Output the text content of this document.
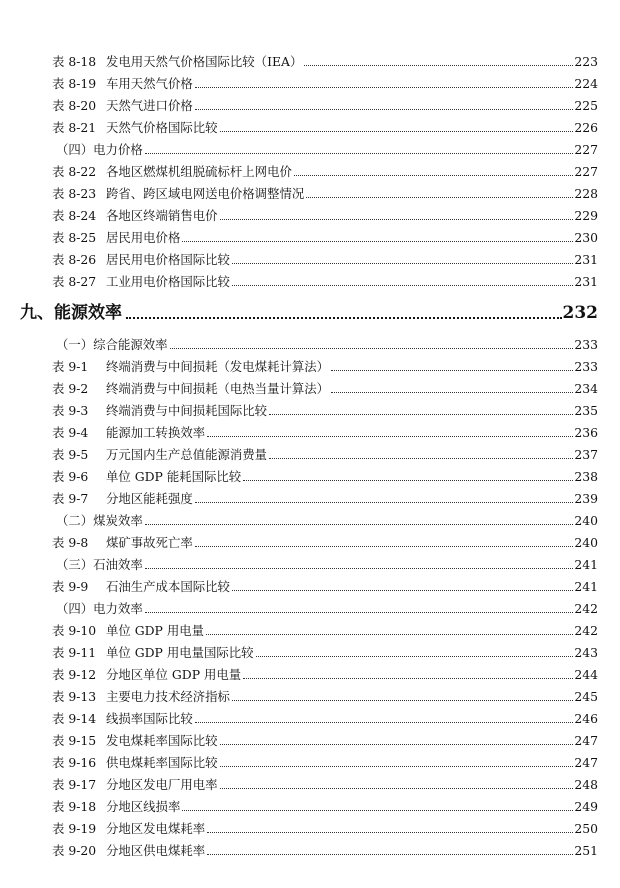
表 8-18 发电用天然气价格国际比较（IEA）	223
表 8-19 车用天然气价格	224
表 8-20 天然气进口价格	225
表 8-21 天然气价格国际比较	226
（四）电力价格	227
表 8-22 各地区燃煤机组脱硫标杆上网电价	227
表 8-23 跨省、跨区域电网送电价格调整情况	228
表 8-24 各地区终端销售电价	229
表 8-25 居民用电价格	230
表 8-26 居民用电价格国际比较	231
表 8-27 工业用电价格国际比较	231
九、能源效率	232
（一）综合能源效率	233
表 9-1	终端消费与中间损耗（发电煤耗计算法）	233
表 9-2	终端消费与中间损耗（电热当量计算法）	234
表 9-3	终端消费与中间损耗国际比较	235
表 9-4	能源加工转换效率	236
表 9-5	万元国内生产总值能源消费量	237
表 9-6	单位 GDP 能耗国际比较	238
表 9-7	分地区能耗强度	239
（二）煤炭效率	240
表 9-8	煤矿事故死亡率	240
（三）石油效率	241
表 9-9	石油生产成本国际比较	241
（四）电力效率	242
表 9-10 单位 GDP 用电量	242
表 9-11 单位 GDP 用电量国际比较	243
表 9-12 分地区单位 GDP 用电量	244
表 9-13 主要电力技术经济指标	245
表 9-14 线损率国际比较	246
表 9-15 发电煤耗率国际比较	247
表 9-16 供电煤耗率国际比较	247
表 9-17 分地区发电厂用电率	248
表 9-18 分地区线损率	249
表 9-19 分地区发电煤耗率	250
表 9-20 分地区供电煤耗率	251
